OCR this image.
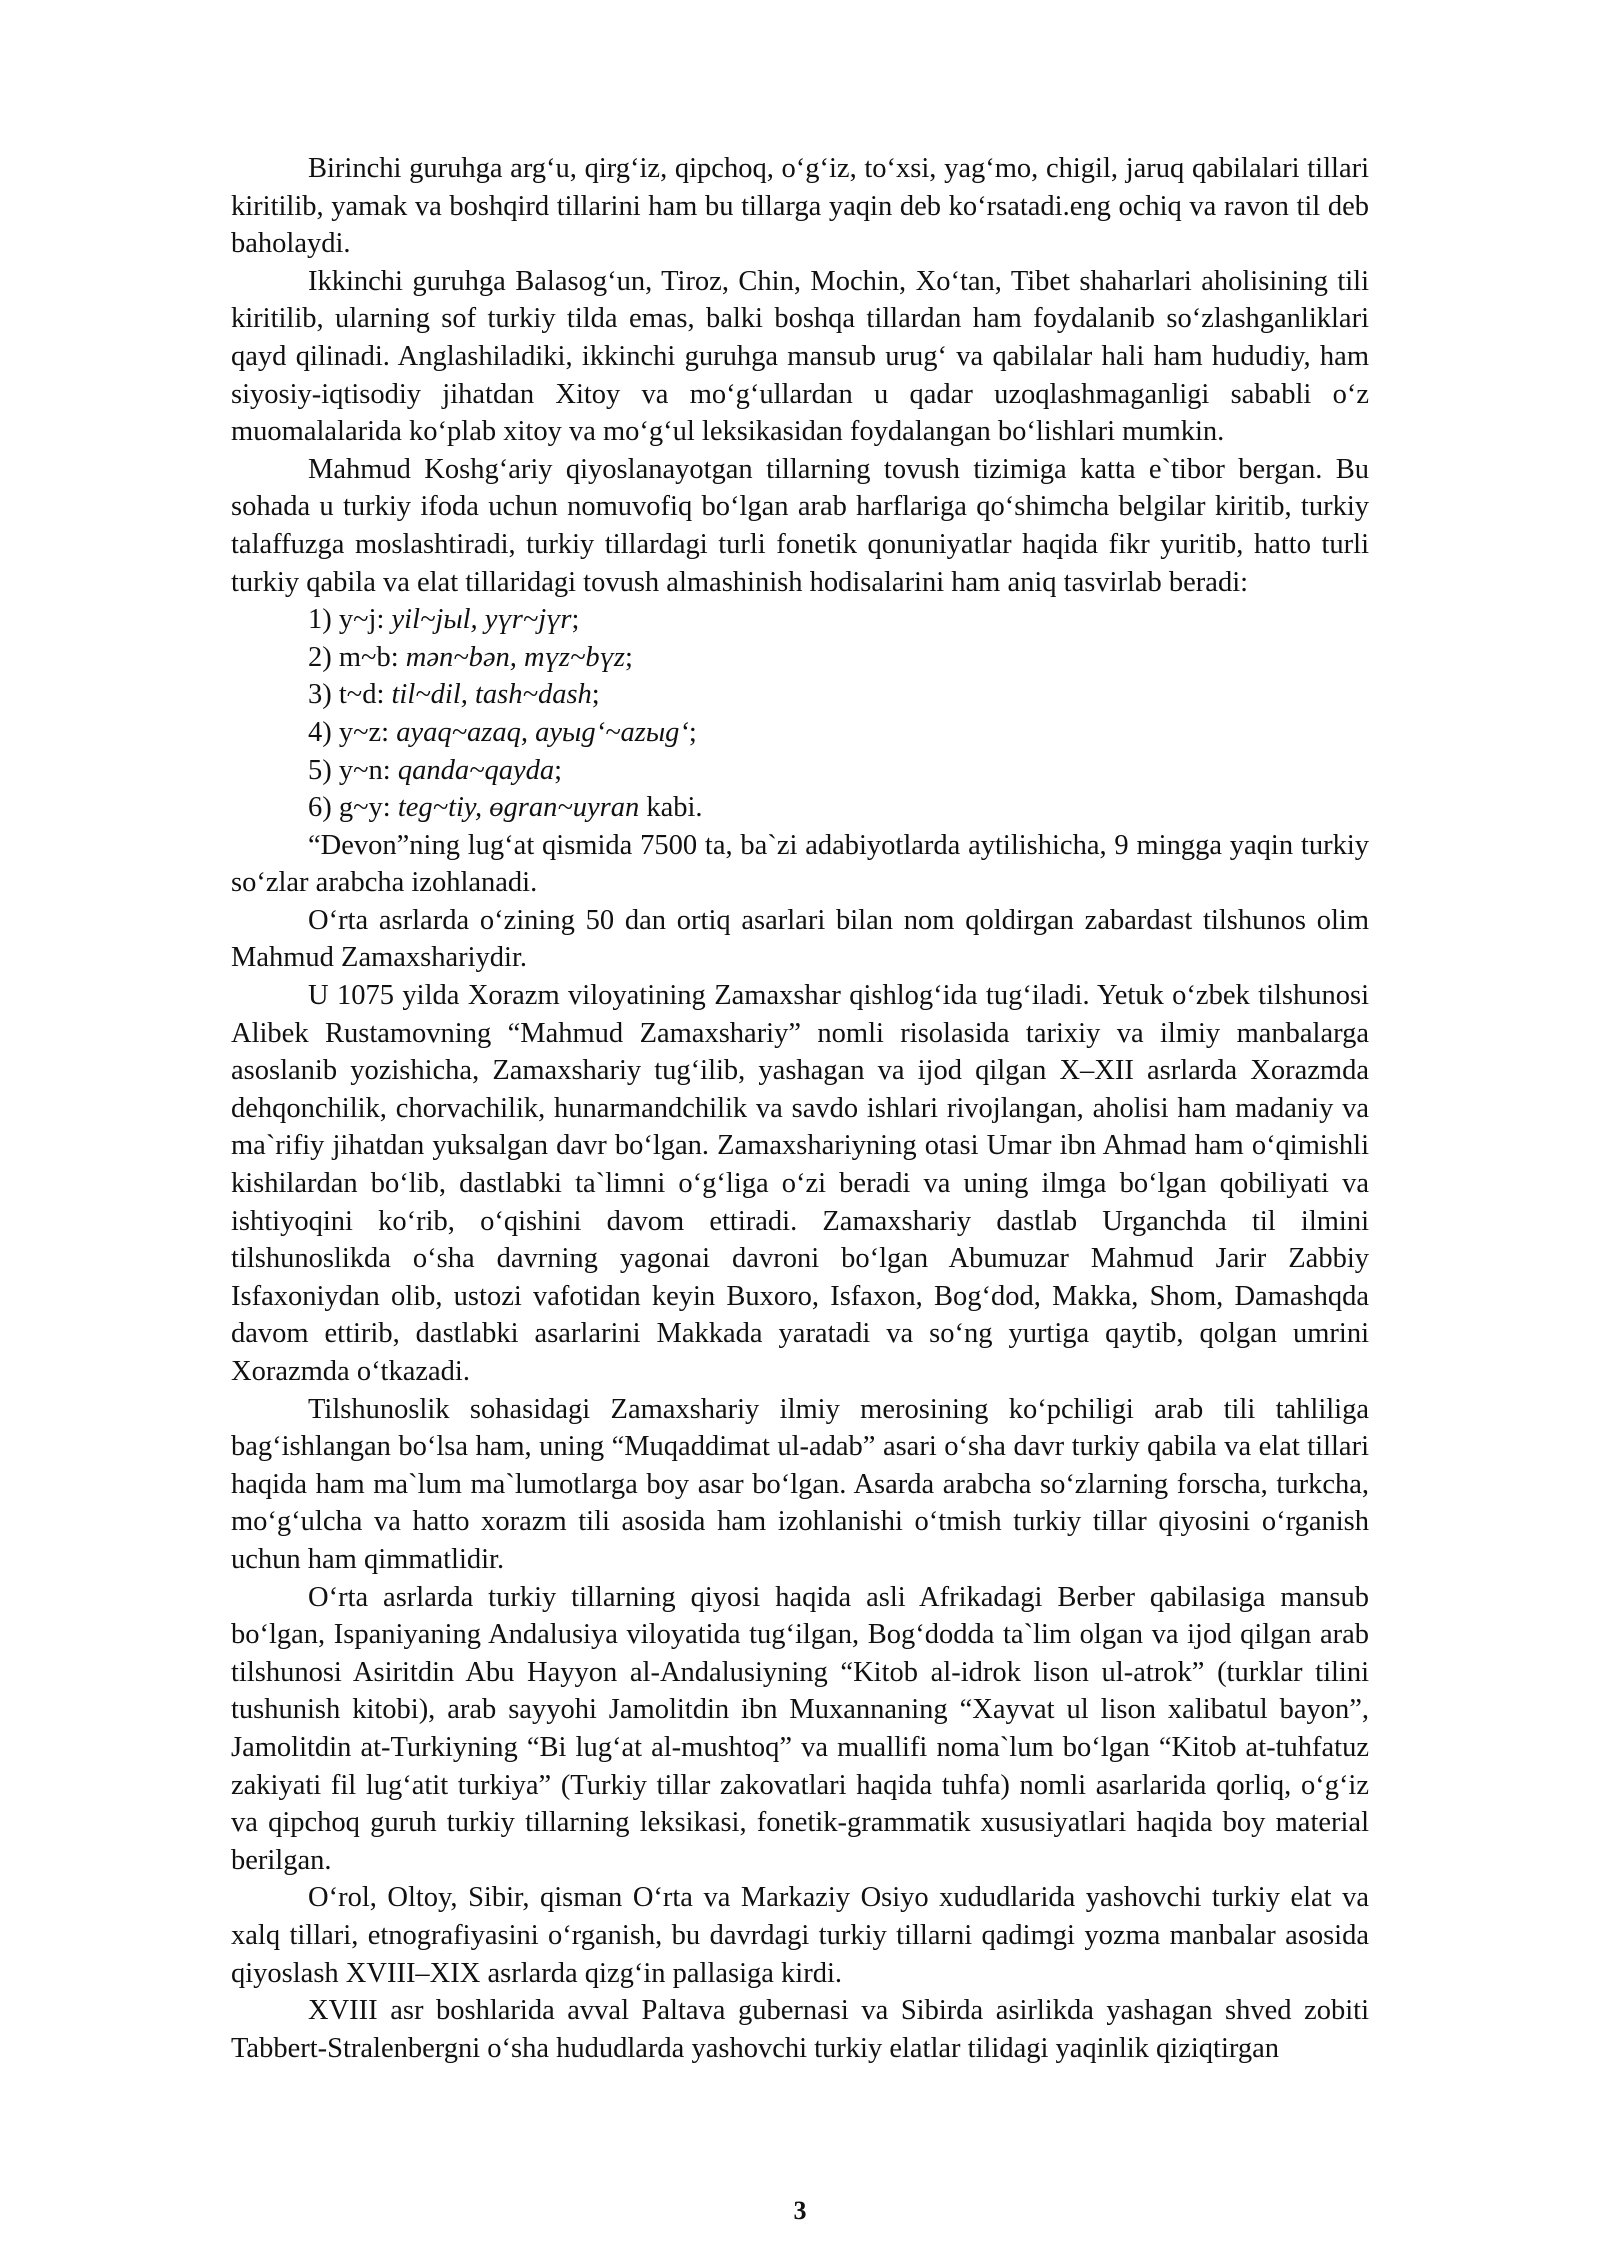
Birinchi guruhga arg‘u, qirg‘iz, qipchoq, o‘g‘iz, to‘xsi, yag‘mo, chigil, jaruq qabilalari tillari kiritilib, yamak va boshqird tillarini ham bu tillarga yaqin deb ko‘rsatadi.eng ochiq va ravon til deb baholaydi.

Ikkinchi guruhga Balasog‘un, Tiroz, Chin, Mochin, Xo‘tan, Tibet shaharlari aholisining tili kiritilib, ularning sof turkiy tilda emas, balki boshqa tillardan ham foydalanib so‘zlashganliklari qayd qilinadi. Anglashiladiki, ikkinchi guruhga mansub urug‘ va qabilalar hali ham hududiy, ham siyosiy-iqtisodiy jihatdan Xitoy va mo‘g‘ullardan u qadar uzoqlashmaganligi sababli o‘z muomalalarida ko‘plab xitoy va mo‘g‘ul leksikasidan foydalangan bo‘lishlari mumkin.

Mahmud Koshg‘ariy qiyoslanayotgan tillarning tovush tizimiga katta e`tibor bergan. Bu sohada u turkiy ifoda uchun nomuvofiq bo‘lgan arab harflariga qo‘shimcha belgilar kiritib, turkiy talaffuzga moslashtiradi, turkiy tillardagi turli fonetik qonuniyatlar haqida fikr yuritib, hatto turli turkiy qabila va elat tillaridagi tovush almashinish hodisalarini ham aniq tasvirlab beradi:

1) y~j: yil~jыl, yүr~jүr;

2) m~b: mən~bən, mүz~bүz;

3) t~d: til~dil, tash~dash;

4) y~z: ayaq~azaq, ayыg‘~azыg‘;

5) y~n: qanda~qayda;

6) g~y: teg~tiy, өgran~uyran kabi.

“Devon”ning lug‘at qismida 7500 ta, ba`zi adabiyotlarda aytilishicha, 9 mingga yaqin turkiy so‘zlar arabcha izohlanadi.

O‘rta asrlarda o‘zining 50 dan ortiq asarlari bilan nom qoldirgan zabardast tilshunos olim Mahmud Zamaxshariydir.

U 1075 yilda Xorazm viloyatining Zamaxshar qishlog‘ida tug‘iladi. Yetuk o‘zbek tilshunosi Alibek Rustamovning “Mahmud Zamaxshariy” nomli risolasida tarixiy va ilmiy manbalarga asoslanib yozishicha, Zamaxshariy tug‘ilib, yashagan va ijod qilgan X–XII asrlarda Xorazmda dehqonchilik, chorvachilik, hunarmandchilik va savdo ishlari rivojlangan, aholisi ham madaniy va ma`rifiy jihatdan yuksalgan davr bo‘lgan. Zamaxshariyning otasi Umar ibn Ahmad ham o‘qimishli kishilardan bo‘lib, dastlabki ta`limni o‘g‘liga o‘zi beradi va uning ilmga bo‘lgan qobiliyati va ishtiyoqini ko‘rib, o‘qishini davom ettiradi. Zamaxshariy dastlab Urganchda til ilmini tilshunoslikda o‘sha davrning yagonai davroni bo‘lgan Abumuzar Mahmud Jarir Zabbiy Isfaxoniydan olib, ustozi vafotidan keyin Buxoro, Isfaxon, Bog‘dod, Makka, Shom, Damashqda davom ettirib, dastlabki asarlarini Makkada yaratadi va so‘ng yurtiga qaytib, qolgan umrini Xorazmda o‘tkazadi.

Tilshunoslik sohasidagi Zamaxshariy ilmiy merosining ko‘pchiligi arab tili tahliliga bag‘ishlangan bo‘lsa ham, uning “Muqaddimat ul-adab” asari o‘sha davr turkiy qabila va elat tillari haqida ham ma`lum ma`lumotlarga boy asar bo‘lgan. Asarda arabcha so‘zlarning forscha, turkcha, mo‘g‘ulcha va hatto xorazm tili asosida ham izohlanishi o‘tmish turkiy tillar qiyosini o‘rganish uchun ham qimmatlidir.

O‘rta asrlarda turkiy tillarning qiyosi haqida asli Afrikadagi Berber qabilasiga mansub bo‘lgan, Ispaniyaning Andalusiya viloyatida tug‘ilgan, Bog‘dodda ta`lim olgan va ijod qilgan arab tilshunosi Asiritdin Abu Hayyon al-Andalusiyning “Kitob al-idrok lison ul-atrok” (turklar tilini tushunish kitobi), arab sayyohi Jamolitdin ibn Muxannaning “Xayvat ul lison xalibatul bayon”, Jamolitdin at-Turkiyning “Bi lug‘at al-mushtoq” va muallifi noma`lum bo‘lgan “Kitob at-tuhfatuz zakiyati fil lug‘atit turkiya” (Turkiy tillar zakovatlari haqida tuhfa) nomli asarlarida qorliq, o‘g‘iz va qipchoq guruh turkiy tillarning leksikasi, fonetik-grammatik xususiyatlari haqida boy material berilgan.

O‘rol, Oltoy, Sibir, qisman O‘rta va Markaziy Osiyo xududlarida yashovchi turkiy elat va xalq tillari, etnografiyasini o‘rganish, bu davrdagi turkiy tillarni qadimgi yozma manbalar asosida qiyoslash XVIII–XIX asrlarda qizg‘in pallasiga kirdi.

XVIII asr boshlarida avval Paltava gubernasi va Sibirda asirlikda yashagan shved zobiti Tabbert-Stralenbergni o‘sha hududlarda yashovchi turkiy elatlar tilidagi yaqinlik qiziqtirgan

3
